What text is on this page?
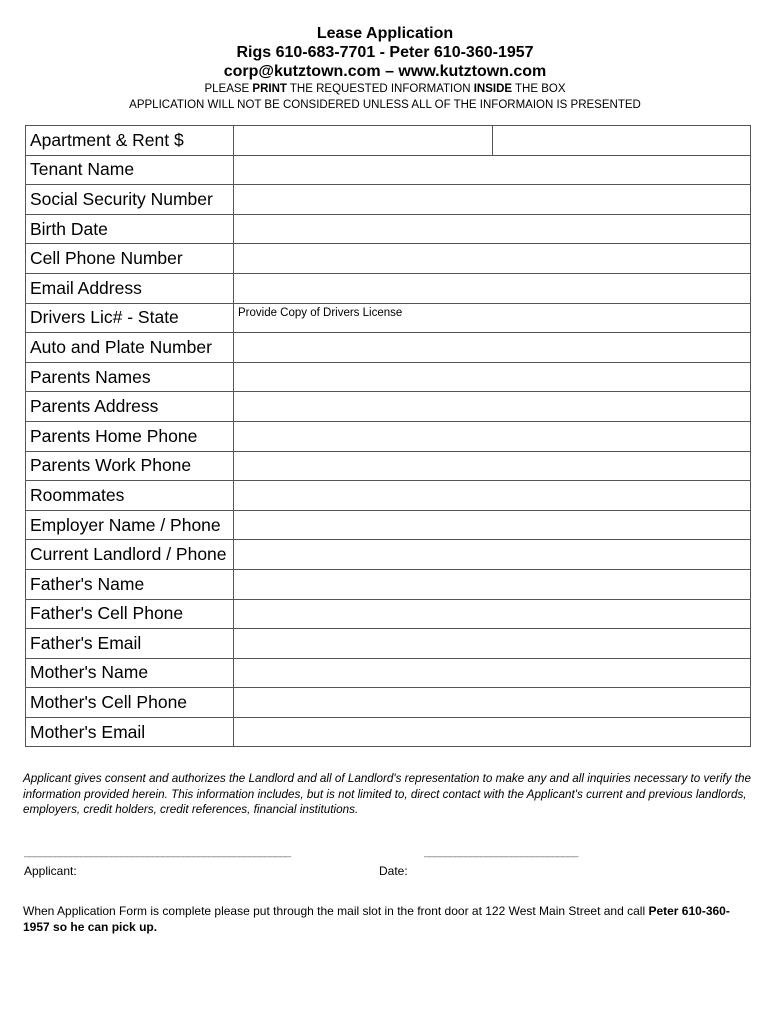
Lease Application
Rigs 610-683-7701 - Peter 610-360-1957
corp@kutztown.com – www.kutztown.com
PLEASE PRINT THE REQUESTED INFORMATION INSIDE THE BOX
APPLICATION WILL NOT BE CONSIDERED UNLESS ALL OF THE INFORMAION IS PRESENTED
Apartment & Rent $	

Tenant Name	
Social Security Number	
Birth Date	
Cell Phone Number	
Email Address	
Drivers Lic# - State	Provide Copy of Drivers License

Auto and Plate Number	
Parents Names	
Parents Address	
Parents Home Phone	
Parents Work Phone	
Roommates	
Employer Name / Phone	
Current Landlord / Phone	
Father's Name	
Father's Cell Phone	
Father's Email	
Mother's Name	
Mother's Cell Phone	
Mother's Email	
Applicant gives consent and authorizes the Landlord and all of Landlord's representation to make any and all inquiries necessary to verify the information provided herein. This information includes, but is not limited to, direct contact with the Applicant's current and previous landlords, employers, credit holders, credit references, financial institutions.
____________________________________________________	______________________________
Applicant:	Date:
When Application Form is complete please put through the mail slot in the front door at 122 West Main Street and call Peter 610-360-1957 so he can pick up.
